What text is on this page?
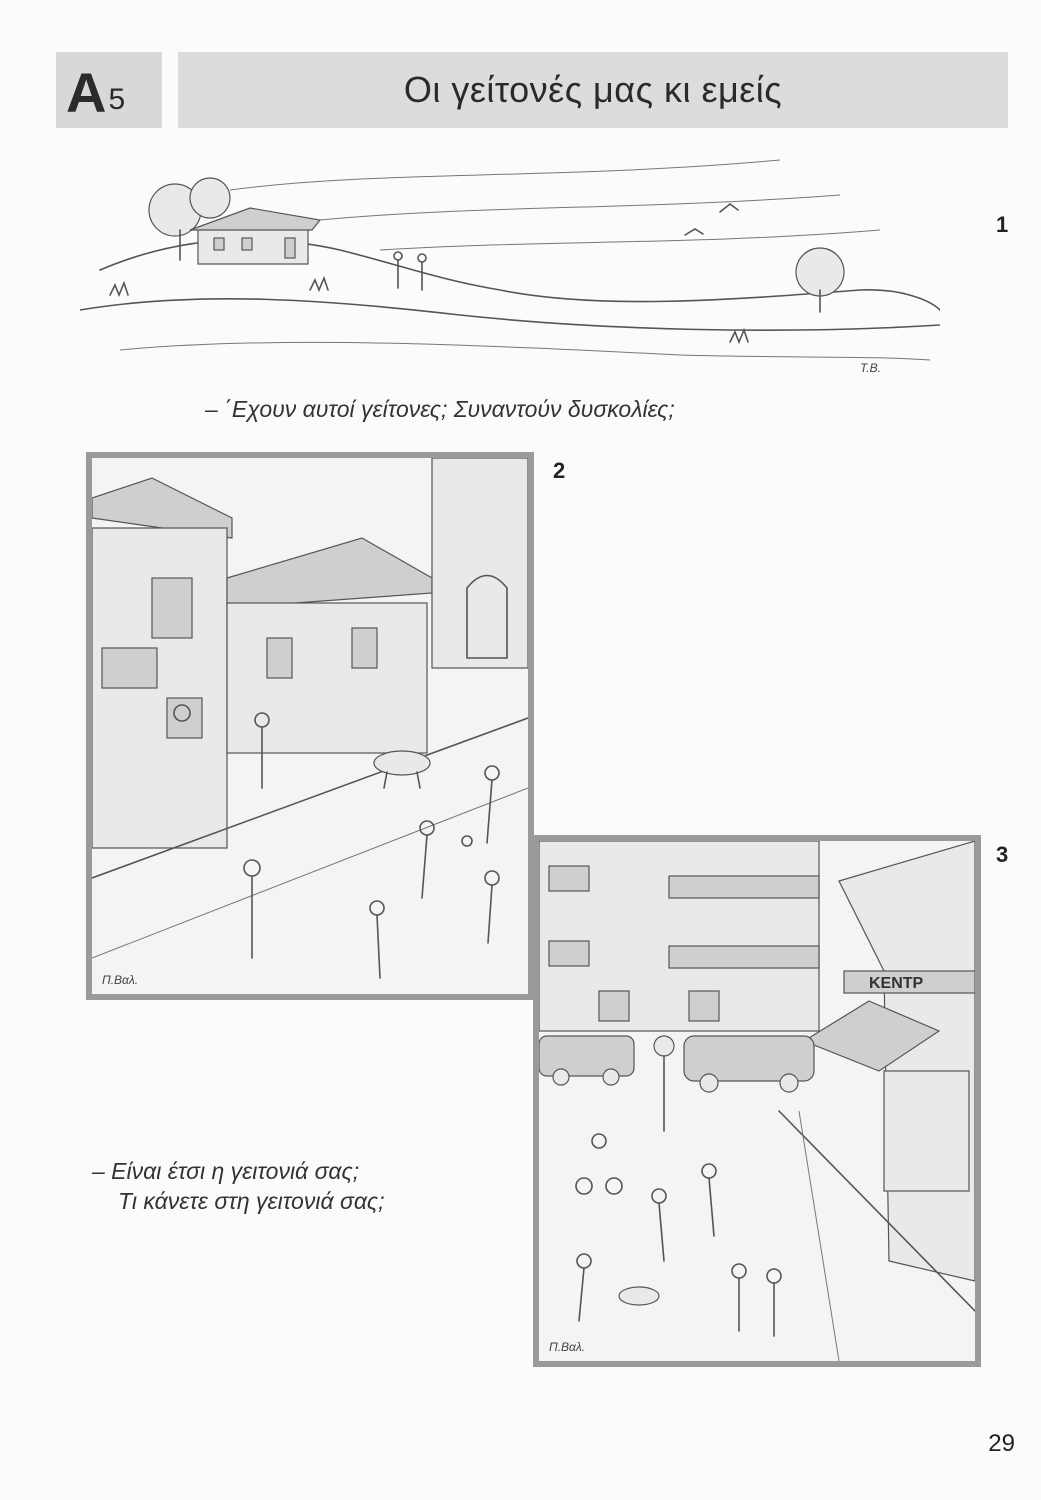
A 5	Οι γείτονές μας κι εμείς
T.B.
1
– ΄Εχουν αυτοί γείτονες; Συναντούν δυσκολίες;
Π.Βαλ.
2
ΚΕΝΤΡ
Π.Βαλ.
3
– Είναι έτσι η γειτονιά σας;
Τι κάνετε στη γειτονιά σας;
29
